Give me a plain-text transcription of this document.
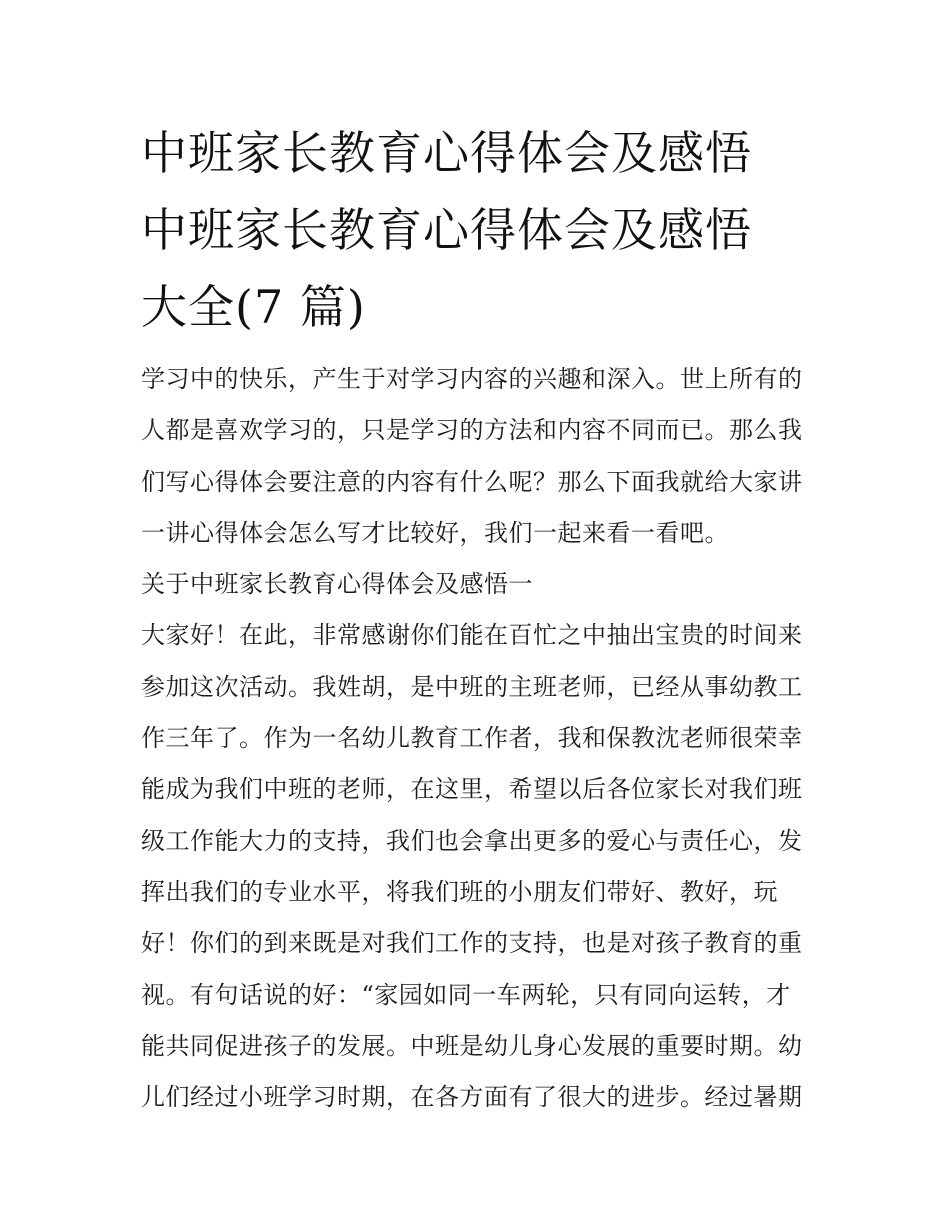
中班家长教育心得体会及感悟
中班家长教育心得体会及感悟
大全(7 篇)
学习中的快乐，产生于对学习内容的兴趣和深入。世上所有的
人都是喜欢学习的，只是学习的方法和内容不同而已。那么我
们写心得体会要注意的内容有什么呢？那么下面我就给大家讲
一讲心得体会怎么写才比较好，我们一起来看一看吧。
关于中班家长教育心得体会及感悟一
大家好！在此，非常感谢你们能在百忙之中抽出宝贵的时间来
参加这次活动。我姓胡，是中班的主班老师，已经从事幼教工
作三年了。作为一名幼儿教育工作者，我和保教沈老师很荣幸
能成为我们中班的老师，在这里，希望以后各位家长对我们班
级工作能大力的支持，我们也会拿出更多的爱心与责任心，发
挥出我们的专业水平，将我们班的小朋友们带好、教好，玩
好！你们的到来既是对我们工作的支持，也是对孩子教育的重
视。有句话说的好：“家园如同一车两轮，只有同向运转，才
能共同促进孩子的发展。中班是幼儿身心发展的重要时期。幼
儿们经过小班学习时期，在各方面有了很大的进步。经过暑期
